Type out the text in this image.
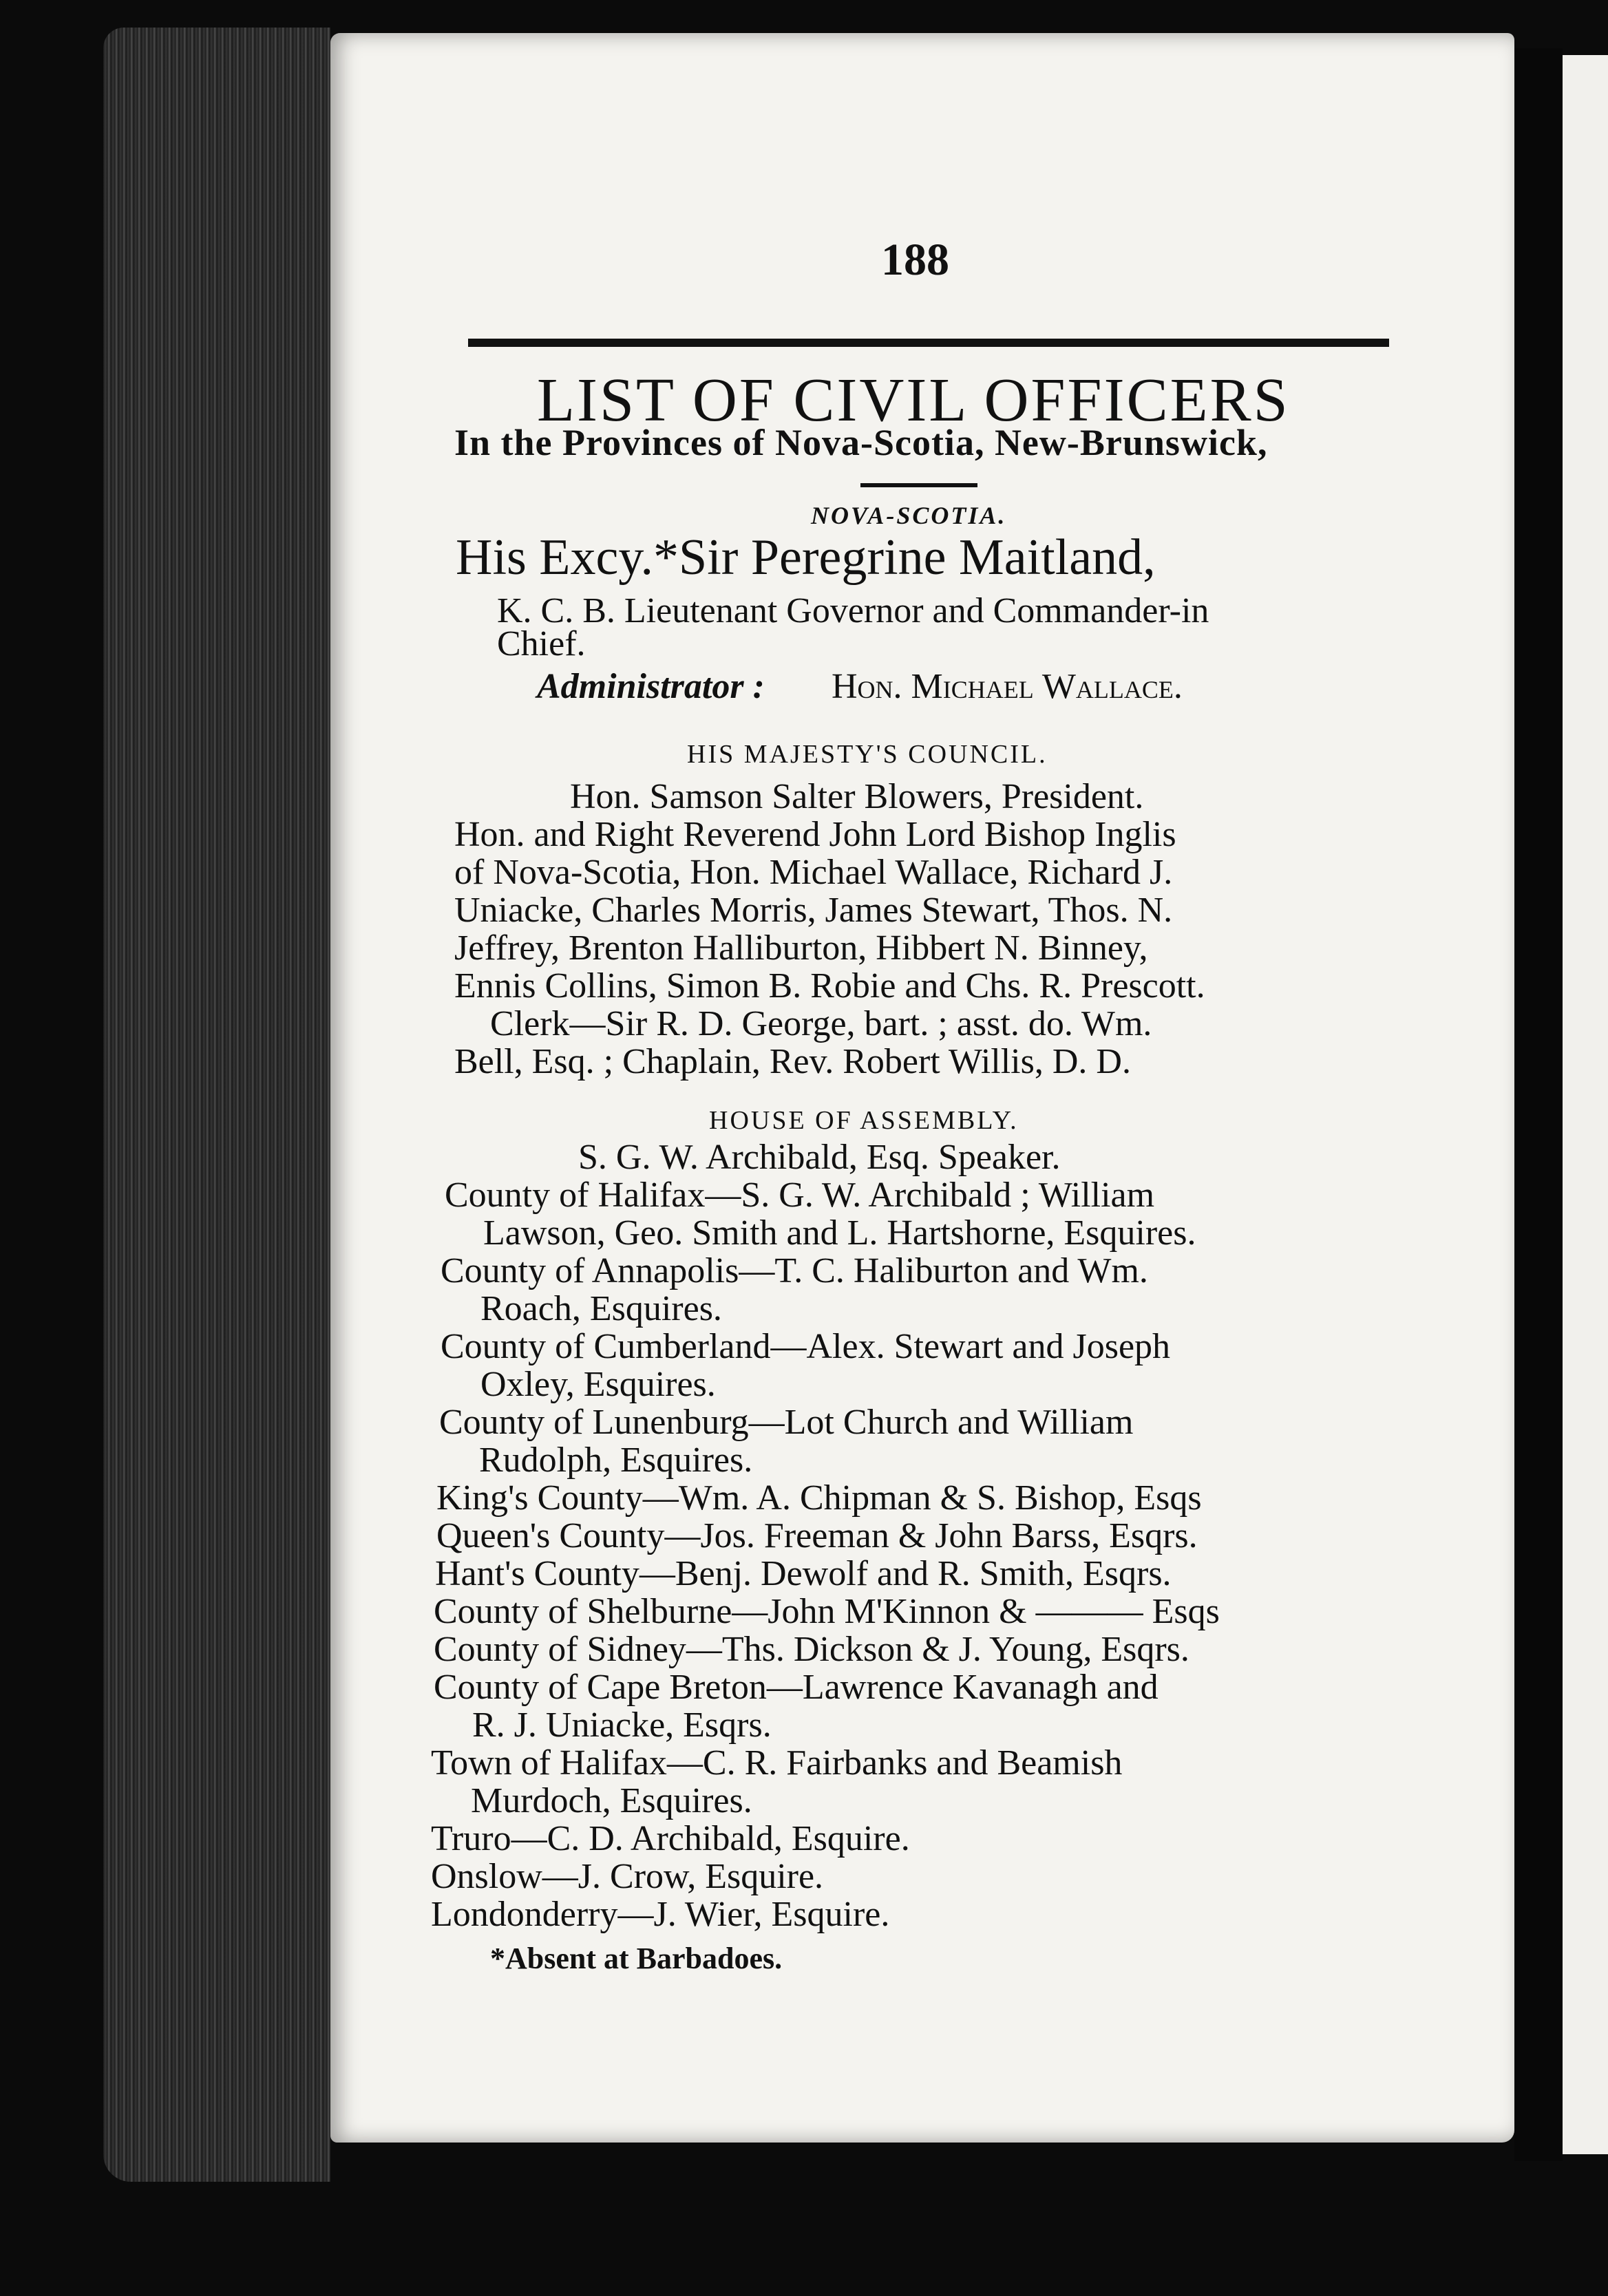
188
LIST OF CIVIL OFFICERS
In the Provinces of Nova-Scotia, New-Brunswick,
NOVA-SCOTIA.
His Excy.*Sir Peregrine Maitland,
K. C. B. Lieutenant Governor and Commander-in
Chief.
Administrator : Hon. Michael Wallace.
HIS MAJESTY'S COUNCIL.
Hon. Samson Salter Blowers, President.
Hon. and Right Reverend John Lord Bishop Inglis
of Nova-Scotia, Hon. Michael Wallace, Richard J.
Uniacke, Charles Morris, James Stewart, Thos. N.
Jeffrey, Brenton Halliburton, Hibbert N. Binney,
Ennis Collins, Simon B. Robie and Chs. R. Prescott.
Clerk—Sir R. D. George, bart. ; asst. do. Wm.
Bell, Esq. ; Chaplain, Rev. Robert Willis, D. D.
HOUSE OF ASSEMBLY.
S. G. W. Archibald, Esq. Speaker.
County of Halifax—S. G. W. Archibald ; William
Lawson, Geo. Smith and L. Hartshorne, Esquires.
County of Annapolis—T. C. Haliburton and Wm.
Roach, Esquires.
County of Cumberland—Alex. Stewart and Joseph
Oxley, Esquires.
County of Lunenburg—Lot Church and William
Rudolph, Esquires.
King's County—Wm. A. Chipman & S. Bishop, Esqs
Queen's County—Jos. Freeman & John Barss, Esqrs.
Hant's County—Benj. Dewolf and R. Smith, Esqrs.
County of Shelburne—John M'Kinnon & ——— Esqs
County of Sidney—Ths. Dickson & J. Young, Esqrs.
County of Cape Breton—Lawrence Kavanagh and
R. J. Uniacke, Esqrs.
Town of Halifax—C. R. Fairbanks and Beamish
Murdoch, Esquires.
Truro—C. D. Archibald, Esquire.
Onslow—J. Crow, Esquire.
Londonderry—J. Wier, Esquire.
*Absent at Barbadoes.
